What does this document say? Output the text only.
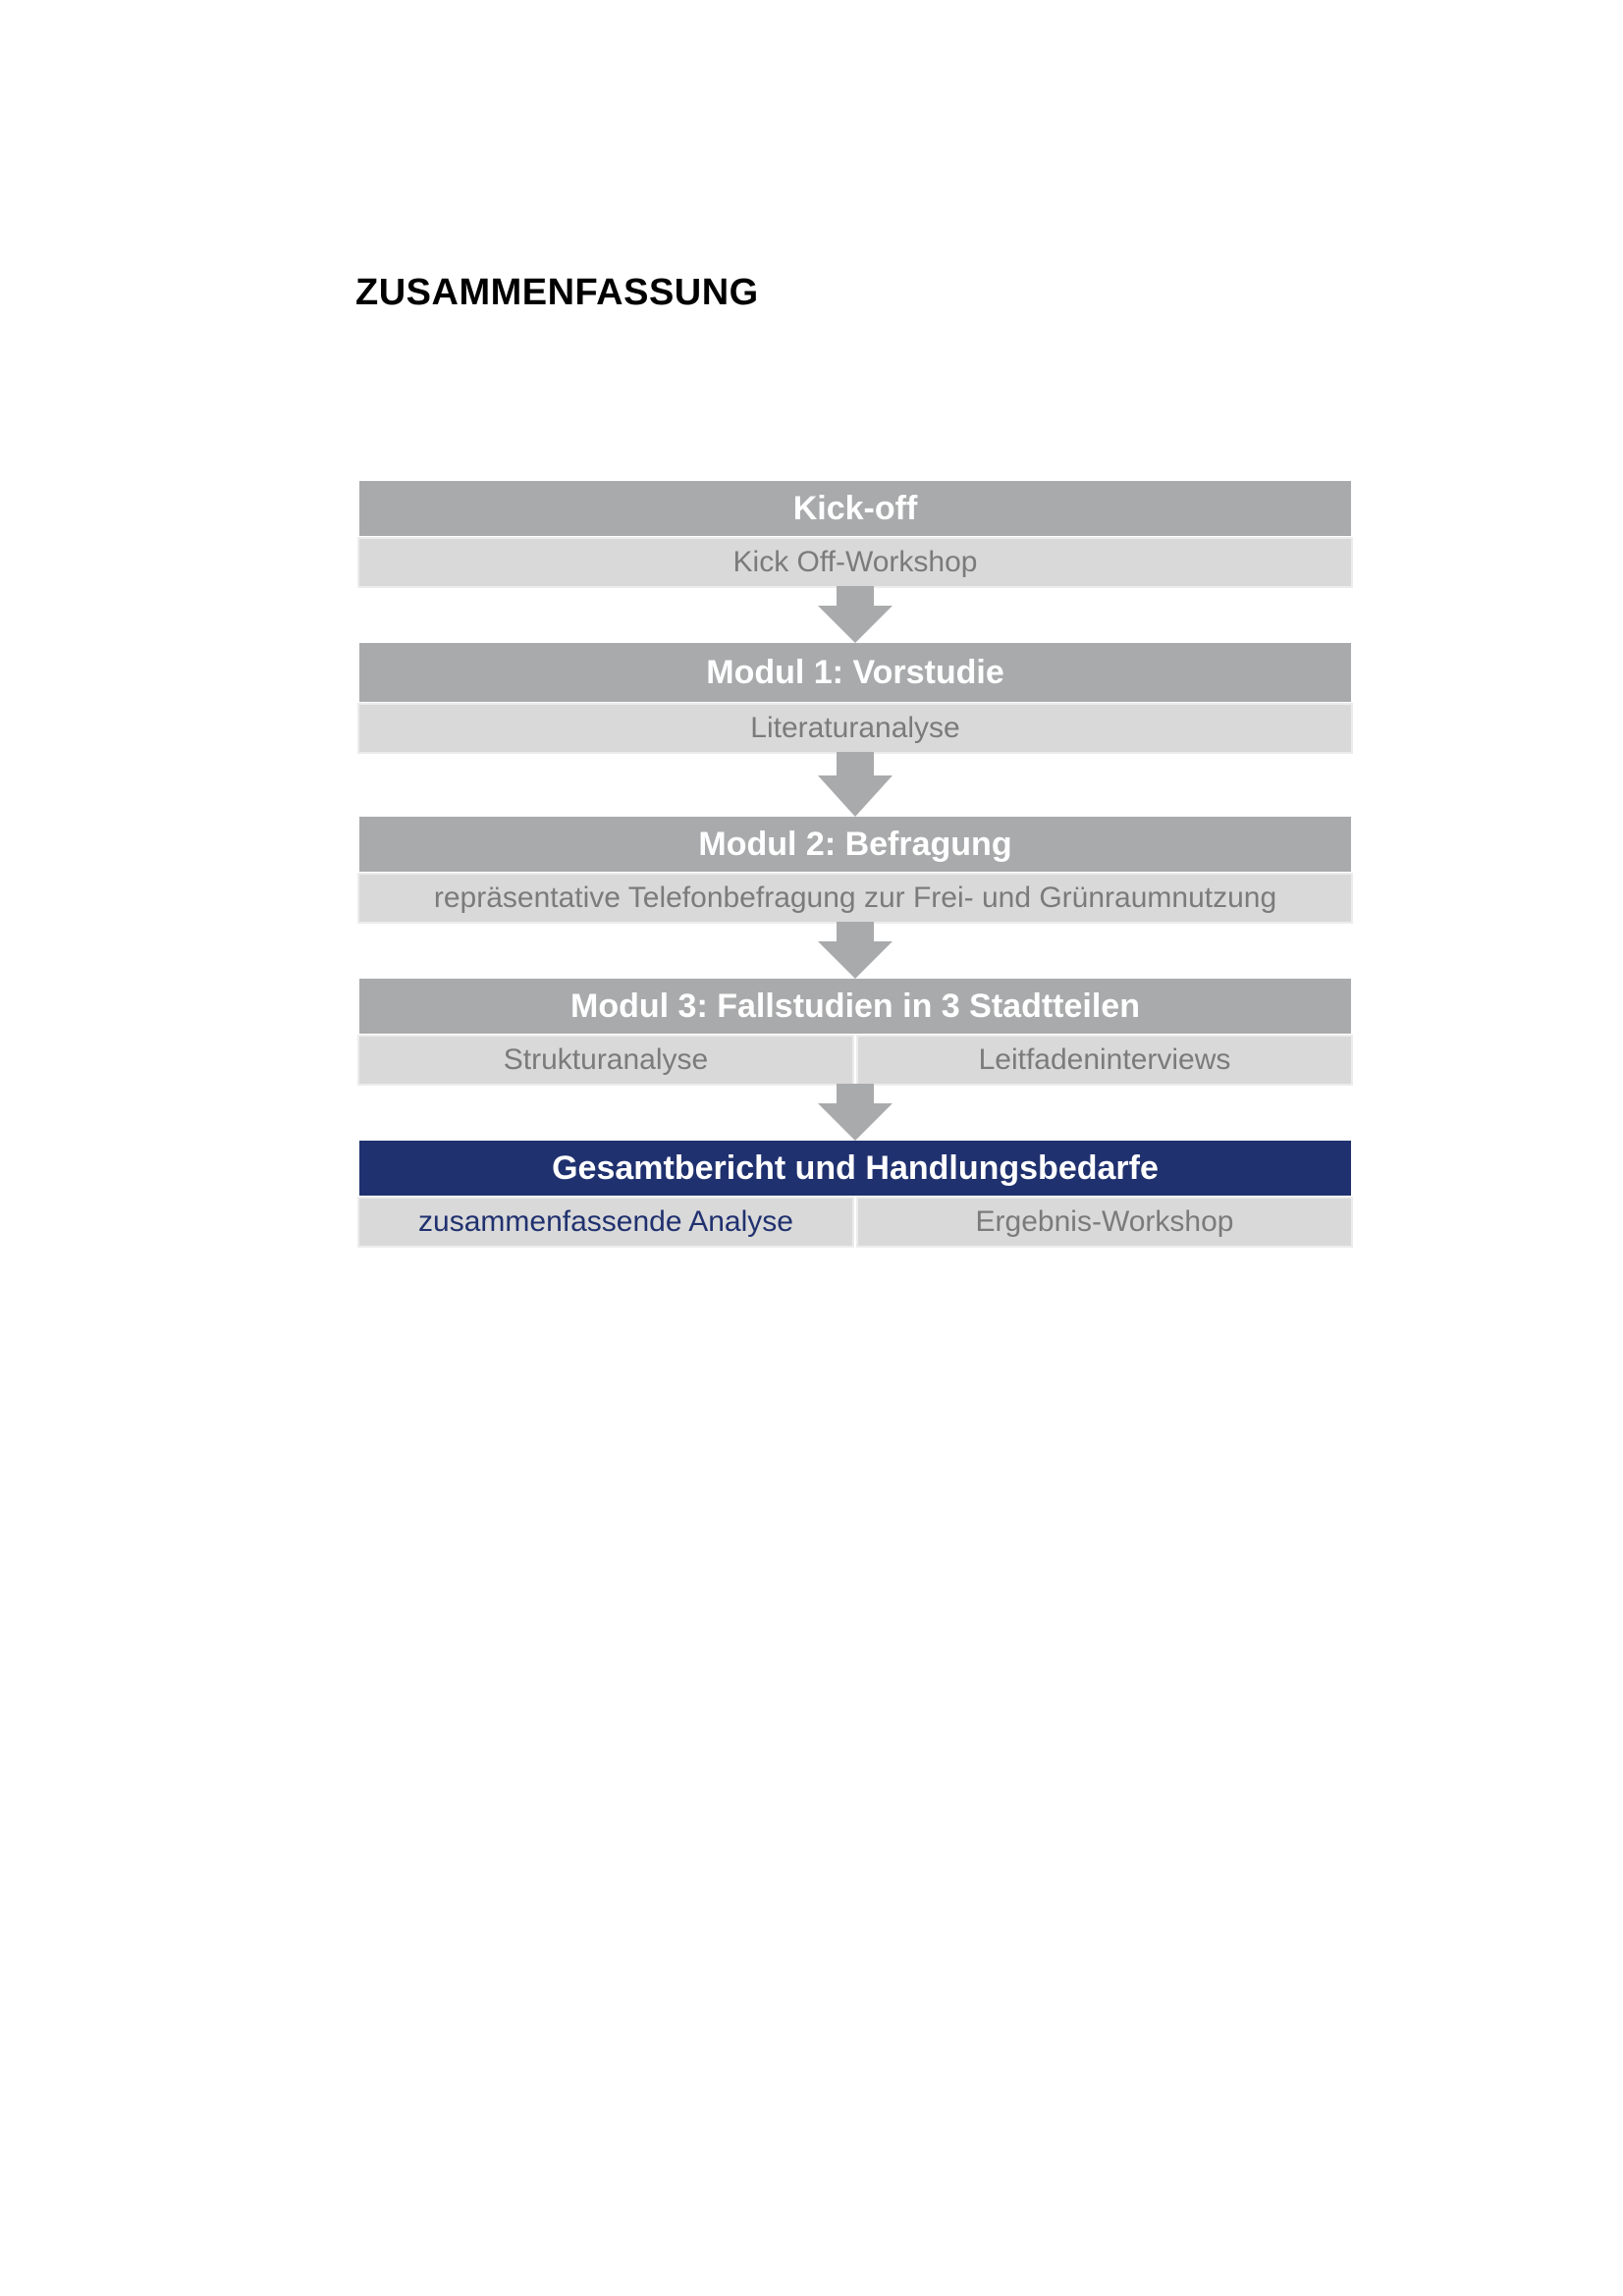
ZUSAMMENFASSUNG
Kick-off
Kick Off-Workshop
Modul 1: Vorstudie
Literaturanalyse
Modul 2: Befragung
repräsentative Telefonbefragung zur Frei- und Grünraumnutzung
Modul 3: Fallstudien in 3 Stadtteilen
Strukturanalyse	Leitfadeninterviews
Gesamtbericht und Handlungsbedarfe
zusammenfassende Analyse	Ergebnis-Workshop
